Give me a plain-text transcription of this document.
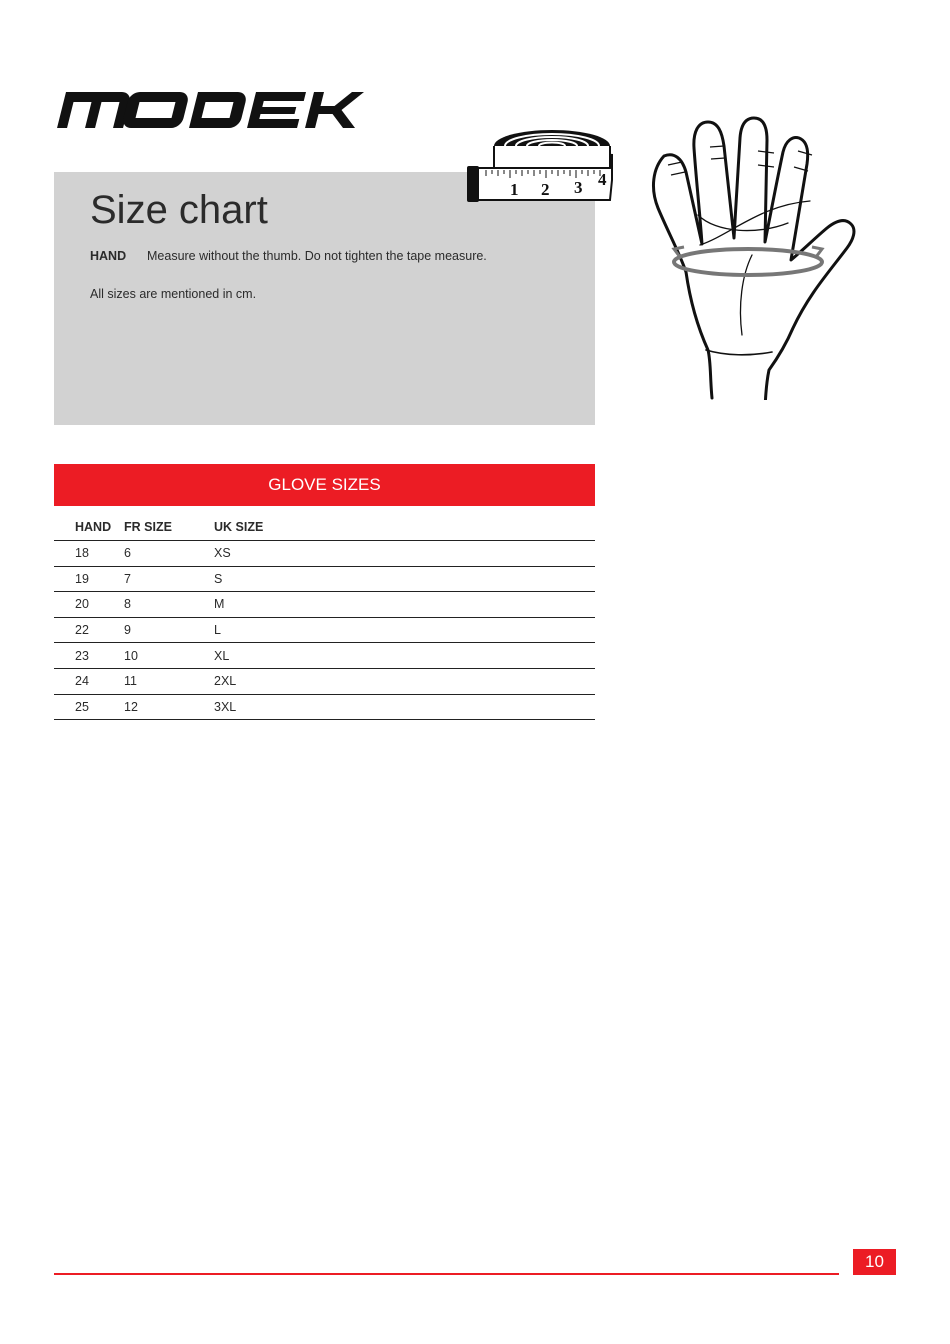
Size chart
HAND Measure without the thumb. Do not tighten the tape measure.
All sizes are mentioned in cm.
1 2 3 4
GLOVE SIZES
HAND	FR SIZE	UK SIZE
18	6	XS
19	7	S
20	8	M
22	9	L
23	10	XL
24	11	2XL
25	12	3XL
10
